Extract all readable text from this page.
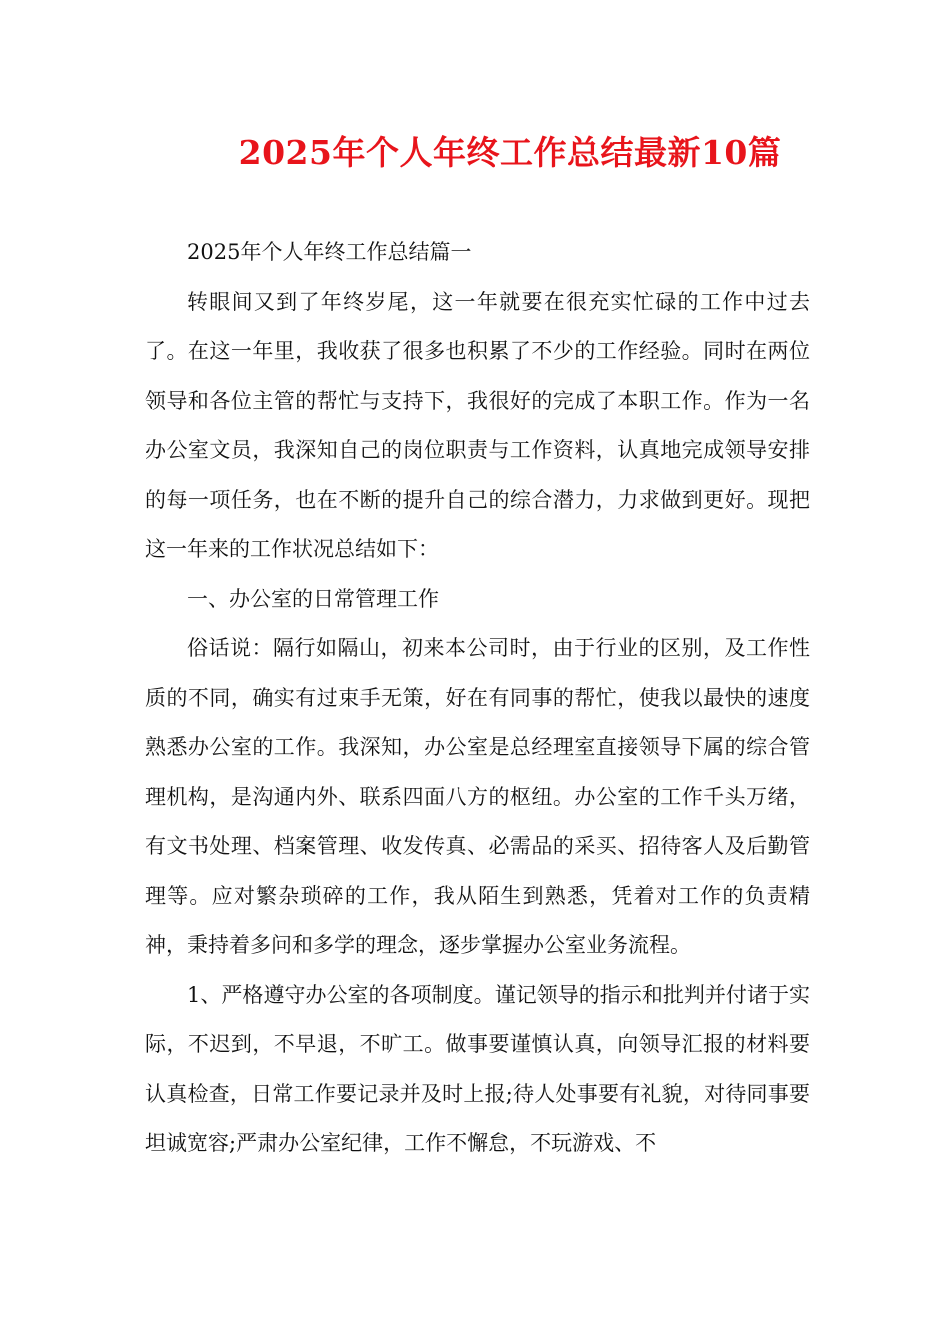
2025年个人年终工作总结最新10篇

2025年个人年终工作总结篇一

转眼间又到了年终岁尾，这一年就要在很充实忙碌的工作中过去了。在这一年里，我收获了很多也积累了不少的工作经验。同时在两位领导和各位主管的帮忙与支持下，我很好的完成了本职工作。作为一名办公室文员，我深知自己的岗位职责与工作资料，认真地完成领导安排的每一项任务，也在不断的提升自己的综合潜力，力求做到更好。现把这一年来的工作状况总结如下：

一、办公室的日常管理工作

俗话说：隔行如隔山，初来本公司时，由于行业的区别，及工作性质的不同，确实有过束手无策，好在有同事的帮忙，使我以最快的速度熟悉办公室的工作。我深知，办公室是总经理室直接领导下属的综合管理机构，是沟通内外、联系四面八方的枢纽。办公室的工作千头万绪，有文书处理、档案管理、收发传真、必需品的采买、招待客人及后勤管理等。应对繁杂琐碎的工作，我从陌生到熟悉，凭着对工作的负责精神，秉持着多问和多学的理念，逐步掌握办公室业务流程。

1、严格遵守办公室的各项制度。谨记领导的指示和批判并付诸于实际，不迟到，不早退，不旷工。做事要谨慎认真，向领导汇报的材料要认真检查，日常工作要记录并及时上报;待人处事要有礼貌，对待同事要坦诚宽容;严肃办公室纪律，工作不懈怠，不玩游戏、不
